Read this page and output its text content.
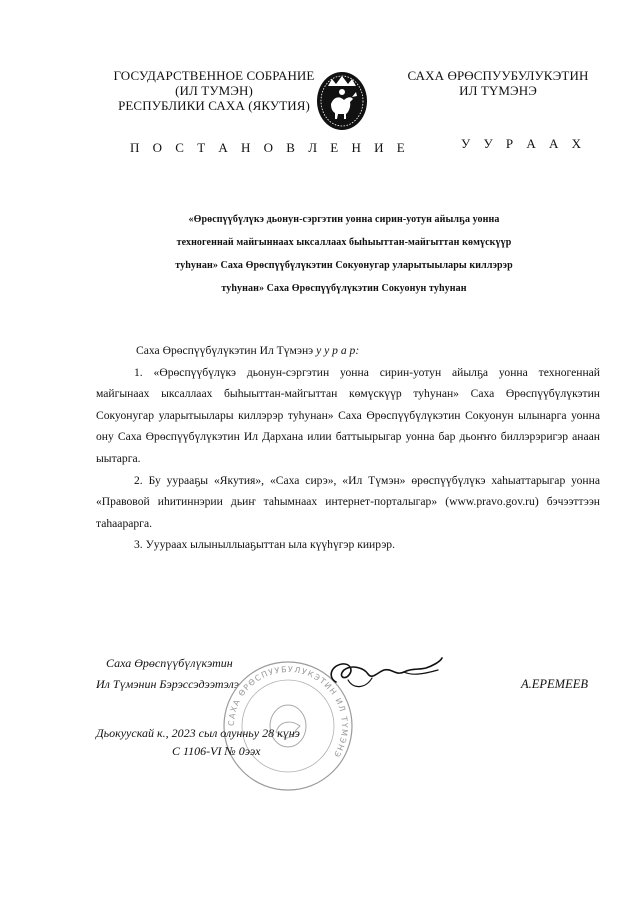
ГОСУДАРСТВЕННОЕ СОБРАНИЕ
(ИЛ ТУМЭН)
РЕСПУБЛИКИ САХА (ЯКУТИЯ)
САХА ӨРӨСПУУБУЛУКЭТИН
ИЛ ТҮМЭНЭ
П О С Т А Н О В Л Е Н И Е	У У Р А А Х
«Өрөспүүбүлүкэ дьонун-сэргэтин уонна сирин-уотун айылҕа уонна
техногеннай майгыннаах ыксаллаах быһыыттан-майгыттан көмүскүүр
туһунан» Саха Өрөспүүбүлүкэтин Сокуонугар уларытыылары киллэрэр
туһунан» Саха Өрөспүүбүлүкэтин Сокуонун туһунан

Саха Өрөспүүбүлүкэтин Ил Түмэнэ у у р а р:

1. «Өрөспүүбүлүкэ дьонун-сэргэтин уонна сирин-уотун айылҕа уонна техногеннай майгынаах ыксаллаах быһыыттан-майгыттан көмүскүүр туһунан» Саха Өрөспүүбүлүкэтин Сокуонугар уларытыылары киллэрэр туһунан» Саха Өрөспүүбүлүкэтин Сокуонун ылынарга уонна ону Саха Өрөспүүбүлүкэтин Ил Дархана илии баттыырыгар уонна бар дьоҥҥо биллэрэригэр анаан ыытарга.

2. Бу уурааҕы «Якутия», «Саха сирэ», «Ил Түмэн» өрөспүүбүлүкэ хаһыаттарыгар уонна «Правовой иһитиннэрии дьиҥ таһымнаах интернет-порталыгар» (www.pravo.gov.ru) бэчээттээн таһаарарга.

3. Ууураах ылыныллыаҕыттан ыла күүһүгэр киирэр.

Саха Өрөспүүбүлүкэтин
Ил Түмэнин Бэрэссэдээтэлэ	А.ЕРЕМЕЕВ
САХА ӨРӨСПУУБУЛУКЭТИН ИЛ ТҮМЭНЭ
Дьокуускай к., 2023 сыл олунньу 28 күнэ
С 1106-VI № 0ээх
